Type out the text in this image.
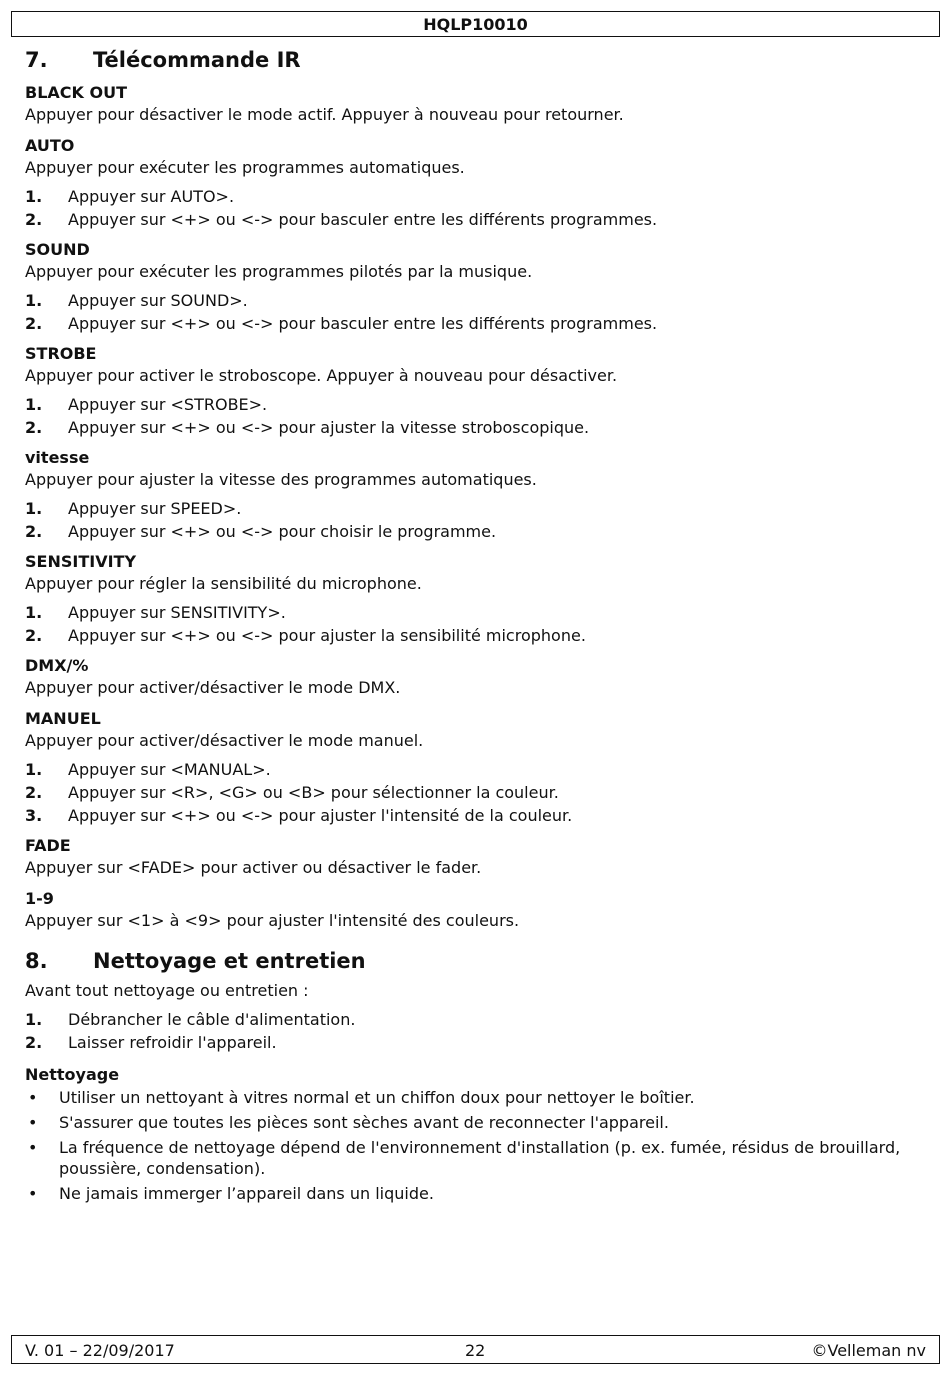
HQLP10010
7. Télécommande IR
BLACK OUT
Appuyer pour désactiver le mode actif. Appuyer à nouveau pour retourner.
AUTO
Appuyer pour exécuter les programmes automatiques.
1. Appuyer sur AUTO>.
2. Appuyer sur <+> ou <-> pour basculer entre les différents programmes.
SOUND
Appuyer pour exécuter les programmes pilotés par la musique.
1. Appuyer sur SOUND>.
2. Appuyer sur <+> ou <-> pour basculer entre les différents programmes.
STROBE
Appuyer pour activer le stroboscope. Appuyer à nouveau pour désactiver.
1. Appuyer sur <STROBE>.
2. Appuyer sur <+> ou <-> pour ajuster la vitesse stroboscopique.
vitesse
Appuyer pour ajuster la vitesse des programmes automatiques.
1. Appuyer sur SPEED>.
2. Appuyer sur <+> ou <-> pour choisir le programme.
SENSITIVITY
Appuyer pour régler la sensibilité du microphone.
1. Appuyer sur SENSITIVITY>.
2. Appuyer sur <+> ou <-> pour ajuster la sensibilité microphone.
DMX/%
Appuyer pour activer/désactiver le mode DMX.
MANUEL
Appuyer pour activer/désactiver le mode manuel.
1. Appuyer sur <MANUAL>.
2. Appuyer sur <R>, <G> ou <B> pour sélectionner la couleur.
3. Appuyer sur <+> ou <-> pour ajuster l'intensité de la couleur.
FADE
Appuyer sur <FADE> pour activer ou désactiver le fader.
1-9
Appuyer sur <1> à <9> pour ajuster l'intensité des couleurs.
8. Nettoyage et entretien
Avant tout nettoyage ou entretien :
1. Débrancher le câble d'alimentation.
2. Laisser refroidir l'appareil.
Nettoyage
• Utiliser un nettoyant à vitres normal et un chiffon doux pour nettoyer le boîtier.
• S'assurer que toutes les pièces sont sèches avant de reconnecter l'appareil.
• La fréquence de nettoyage dépend de l'environnement d'installation (p. ex. fumée, résidus de brouillard, poussière, condensation).
• Ne jamais immerger l’appareil dans un liquide.
V. 01 – 22/09/2017	22	©Velleman nv
